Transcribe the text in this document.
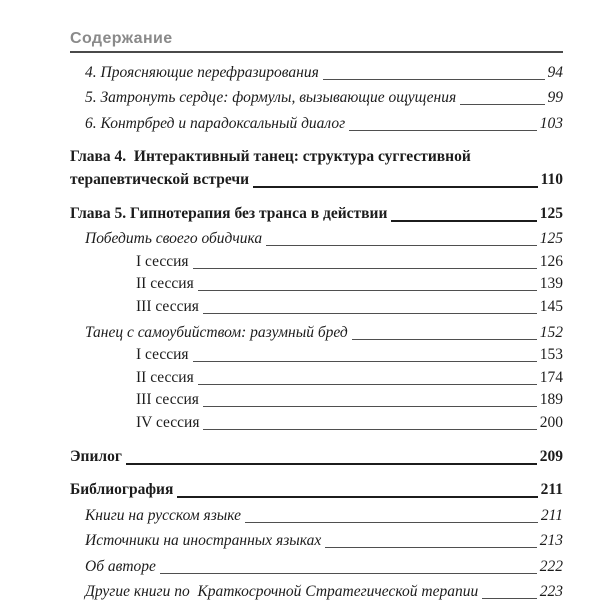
Содержание
4. Проясняющие перефразирования	94
5. Затронуть сердце: формулы, вызывающие ощущения	99
6. Контрбред и парадоксальный диалог	103
Глава 4.  Интерактивный танец: структура суггестивной
терапевтической встречи	110
Глава 5. Гипнотерапия без транса в действии	125
Победить своего обидчика	125
I сессия	126
II сессия	139
III сессия	145
Танец с самоубийством: разумный бред	152
I сессия	153
II сессия	174
III сессия	189
IV сессия	200
Эпилог	209
Библиография	211
Книги на русском языке	211
Источники на иностранных языках	213
Об авторе	222
Другие книги по  Краткосрочной Стратегической терапии	223
